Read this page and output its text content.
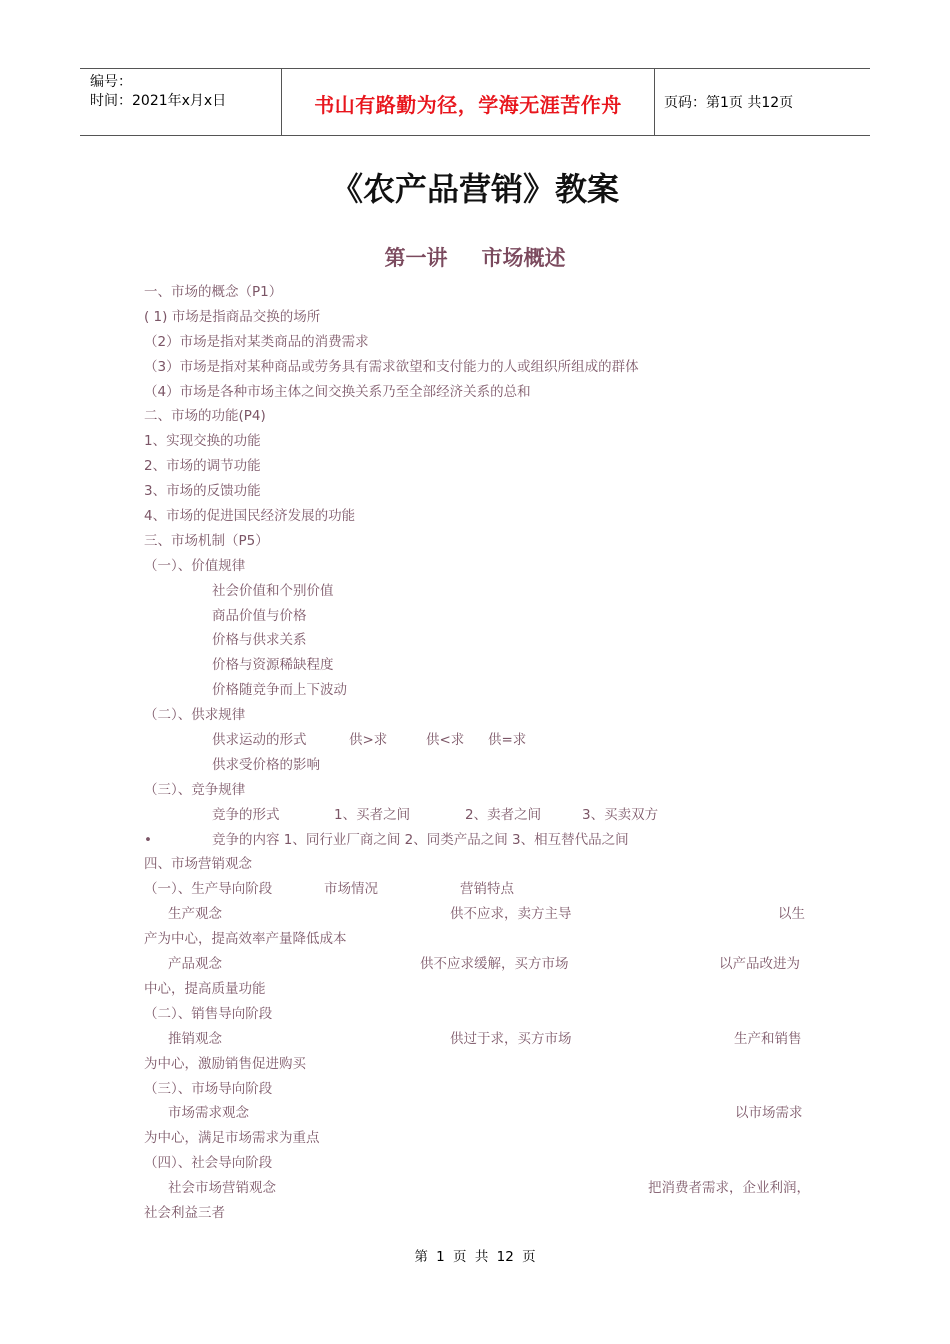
编号：
时间：2021年x月x日	书山有路勤为径，学海无涯苦作舟	页码：第1页 共12页
《农产品营销》教案
第一讲 市场概述
一、市场的概念（P1）
( 1) 市场是指商品交换的场所
（2）市场是指对某类商品的消费需求
（3）市场是指对某种商品或劳务具有需求欲望和支付能力的人或组织所组成的群体
（4）市场是各种市场主体之间交换关系乃至全部经济关系的总和
二、市场的功能(P4)
1、实现交换的功能
2、市场的调节功能
3、市场的反馈功能
4、市场的促进国民经济发展的功能
三、市场机制（P5）
（一）、价值规律
社会价值和个别价值
商品价值与价格
价格与供求关系
价格与资源稀缺程度
价格随竞争而上下波动
（二）、供求规律
供求运动的形式	供>求	供<求 供=求
供求受价格的影响
（三）、竞争规律
竞争的形式	1、买者之间	2、卖者之间	3、买卖双方
•	竞争的内容 1、同行业厂商之间 2、同类产品之间 3、相互替代品之间
四、市场营销观念
（一）、生产导向阶段	市场情况	营销特点
生产观念	供不应求，卖方主导	以生
产为中心，提高效率产量降低成本
产品观念	供不应求缓解，买方市场	以产品改进为
中心，提高质量功能
（二）、销售导向阶段
推销观念	供过于求，买方市场	生产和销售
为中心，激励销售促进购买
（三）、市场导向阶段
市场需求观念	以市场需求
为中心，满足市场需求为重点
（四）、社会导向阶段
社会市场营销观念	把消费者需求，企业利润，
社会利益三者
第 1 页 共 12 页
